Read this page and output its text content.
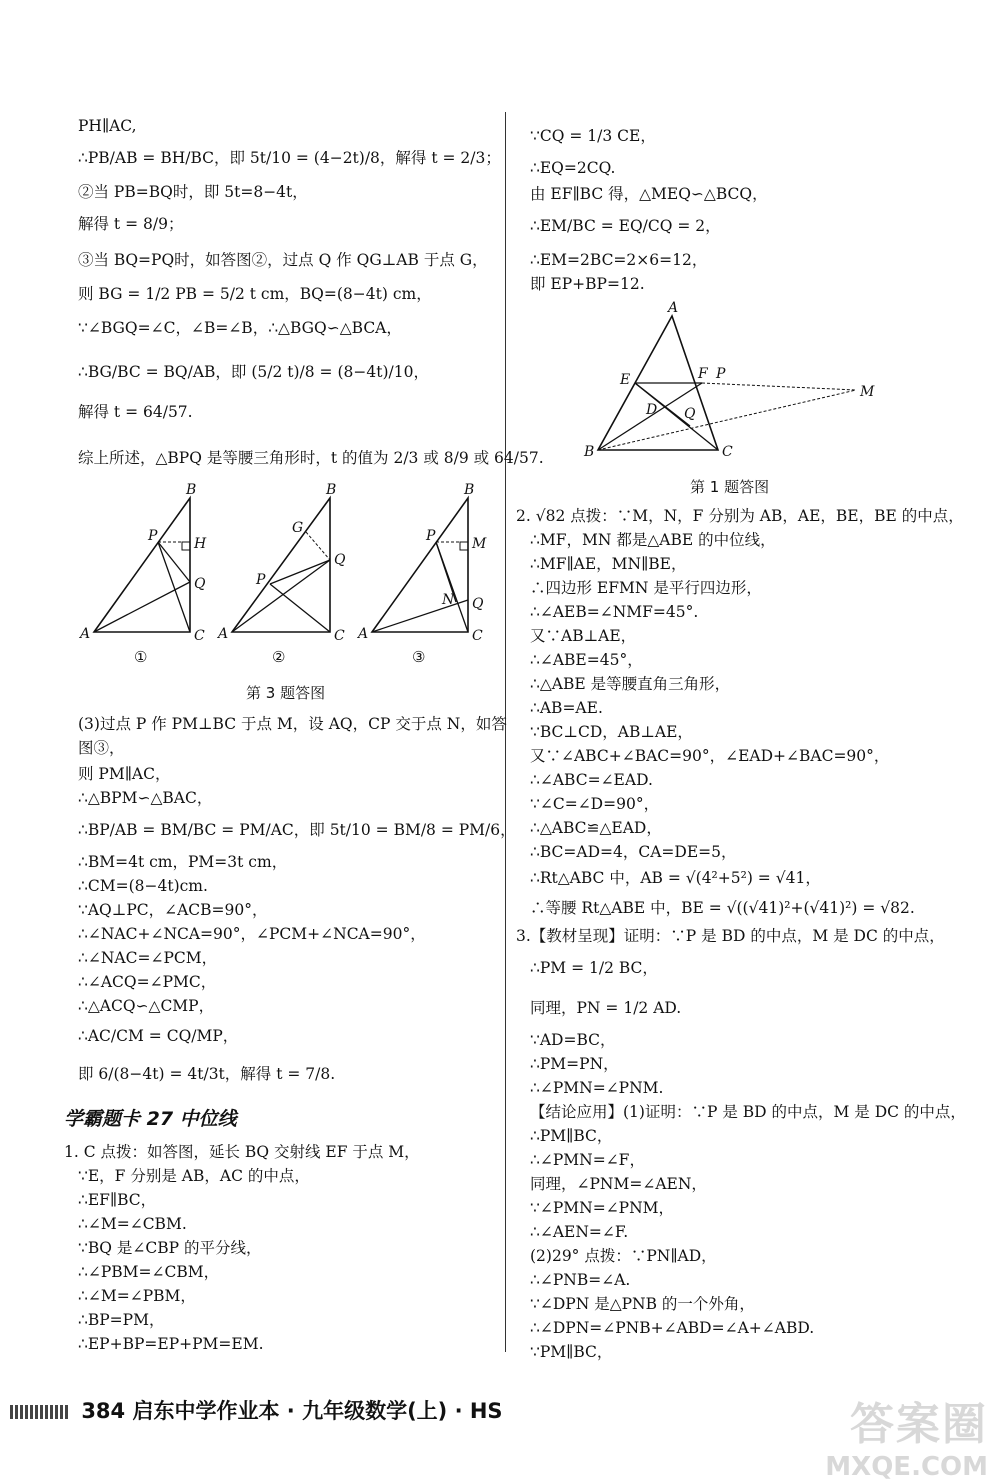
PH∥AC,
∴PB/AB = BH/BC，即 5t/10 = (4−2t)/8，解得 t = 2/3；
②当 PB=BQ时，即 5t=8−4t，
解得 t = 8/9；
③当 BQ=PQ时，如答图②，过点 Q 作 QG⊥AB 于点 G，
则 BG = 1/2 PB = 5/2 t cm，BQ=(8−4t) cm，
∵∠BGQ=∠C，∠B=∠B，∴△BGQ∽△BCA，
∴BG/BC = BQ/AB，即 (5/2 t)/8 = (8−4t)/10，
解得 t = 64/57.
综上所述，△BPQ 是等腰三角形时，t 的值为 2/3 或 8/9 或 64/57.
B
A	C
P	H
Q
①
B
A	C
P
G
Q
②
B
A	C
P	M
Q
N
③
第 3 题答图
(3)过点 P 作 PM⊥BC 于点 M，设 AQ，CP 交于点 N，如答
图③，
则 PM∥AC，
∴△BPM∽△BAC，
∴BP/AB = BM/BC = PM/AC，即 5t/10 = BM/8 = PM/6，
∴BM=4t cm，PM=3t cm，
∴CM=(8−4t)cm.
∵AQ⊥PC，∠ACB=90°，
∴∠NAC+∠NCA=90°，∠PCM+∠NCA=90°，
∴∠NAC=∠PCM，
∴∠ACQ=∠PMC，
∴△ACQ∽△CMP，
∴AC/CM = CQ/MP，
即 6/(8−4t) = 4t/3t，解得 t = 7/8.
学霸题卡 27 中位线
1. C 点拨：如答图，延长 BQ 交射线 EF 于点 M，
∵E，F 分别是 AB，AC 的中点，
∴EF∥BC，
∴∠M=∠CBM.
∵BQ 是∠CBP 的平分线，
∴∠PBM=∠CBM，
∴∠M=∠PBM，
∴BP=PM，
∴EP+BP=EP+PM=EM.
∵CQ = 1/3 CE，
∴EQ=2CQ.
由 EF∥BC 得，△MEQ∽△BCQ，
∴EM/BC = EQ/CQ = 2，
∴EM=2BC=2×6=12，
即 EP+BP=12.
A
B	C
E	F P
D Q
M
第 1 题答图
2. √82 点拨：∵M，N，F 分别为 AB，AE，BE，BE 的中点，
∴MF，MN 都是△ABE 的中位线，
∴MF∥AE，MN∥BE，
∴四边形 EFMN 是平行四边形，
∴∠AEB=∠NMF=45°.
又∵AB⊥AE，
∴∠ABE=45°，
∴△ABE 是等腰直角三角形，
∴AB=AE.
∵BC⊥CD，AB⊥AE，
又∵∠ABC+∠BAC=90°，∠EAD+∠BAC=90°，
∴∠ABC=∠EAD.
∵∠C=∠D=90°，
∴△ABC≌△EAD，
∴BC=AD=4，CA=DE=5，
∴Rt△ABC 中，AB = √(4²+5²) = √41，
∴等腰 Rt△ABE 中，BE = √((√41)²+(√41)²) = √82.
3.【教材呈现】证明：∵P 是 BD 的中点，M 是 DC 的中点，
∴PM = 1/2 BC，
同理，PN = 1/2 AD.
∵AD=BC，
∴PM=PN，
∴∠PMN=∠PNM.
【结论应用】(1)证明：∵P 是 BD 的中点，M 是 DC 的中点，
∴PM∥BC，
∴∠PMN=∠F，
同理，∠PNM=∠AEN，
∵∠PMN=∠PNM，
∴∠AEN=∠F.
(2)29° 点拨：∵PN∥AD，
∴∠PNB=∠A.
∵∠DPN 是△PNB 的一个外角，
∴∠DPN=∠PNB+∠ABD=∠A+∠ABD.
∵PM∥BC，
384 启东中学作业本 · 九年级数学(上) · HS	答案圈
MXQE.COM
